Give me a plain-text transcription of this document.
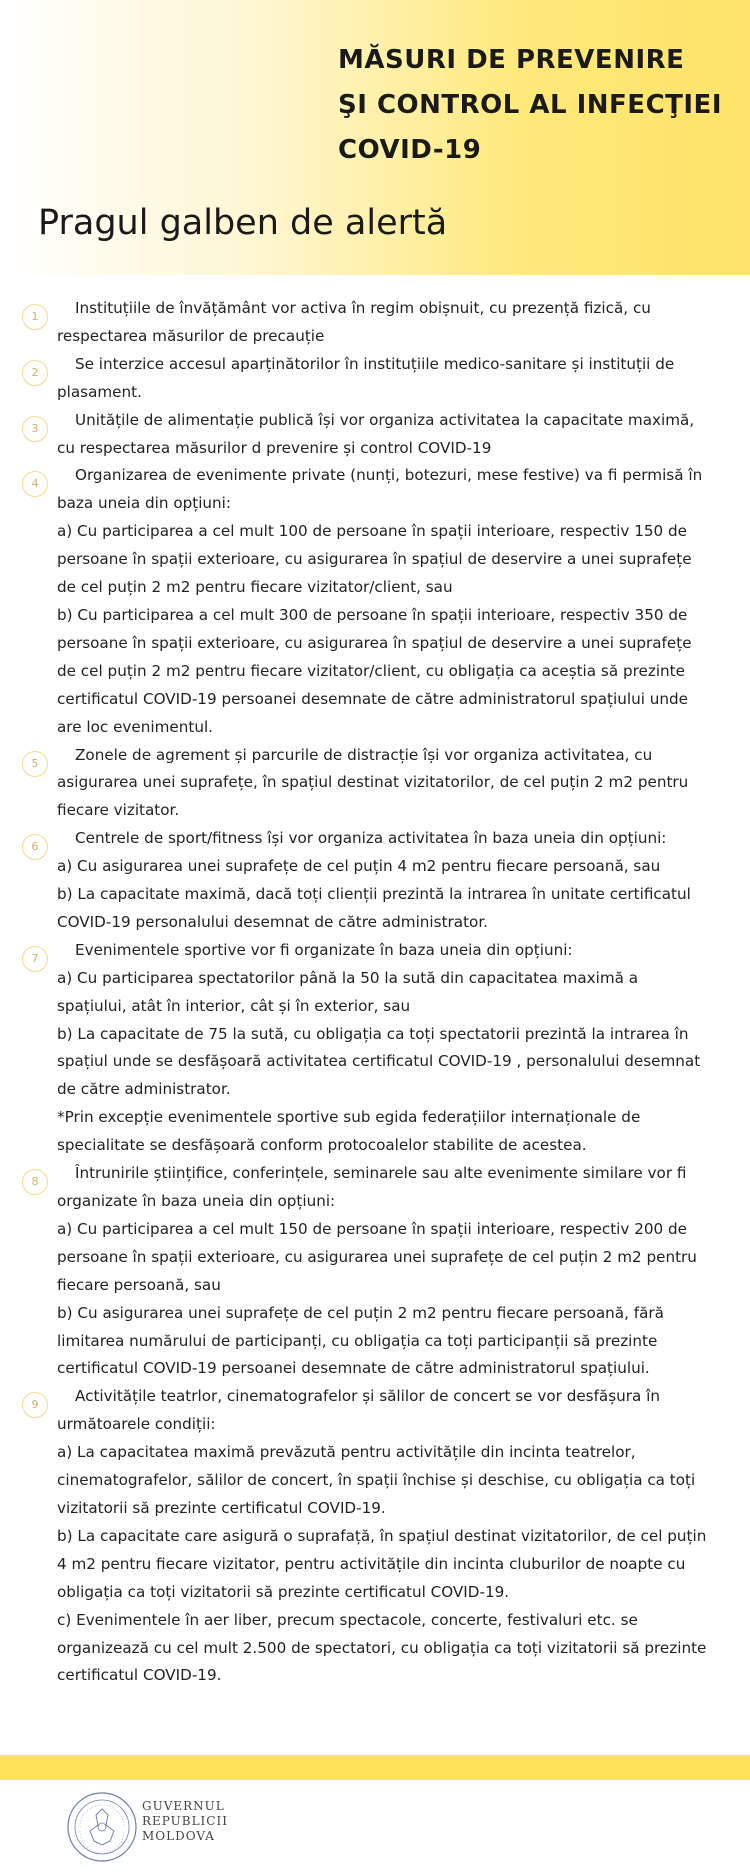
MĂSURI DE PREVENIRE
ŞI CONTROL AL INFECŢIEI
COVID-19
Pragul galben de alertă
1	Instituțiile de învățământ vor activa în regim obișnuit, cu prezență fizică, cu respectarea măsurilor de precauție
2	Se interzice accesul aparținătorilor în instituțiile medico-sanitare și instituții de plasament.
3	Unitățile de alimentație publică își vor organiza activitatea la capacitate maximă, cu respectarea măsurilor d prevenire și control COVID-19
4	Organizarea de evenimente private (nunți, botezuri, mese festive) va fi permisă în baza uneia din opțiuni:
a) Cu participarea a cel mult 100 de persoane în spații interioare, respectiv 150 de persoane în spații exterioare, cu asigurarea în spațiul de deservire a unei suprafețe de cel puțin 2 m2 pentru fiecare vizitator/client, sau
b) Cu participarea a cel mult 300 de persoane în spații interioare, respectiv 350 de persoane în spații exterioare, cu asigurarea în spațiul de deservire a unei suprafețe de cel puțin 2 m2 pentru fiecare vizitator/client, cu obligația ca aceștia să prezinte certificatul COVID-19 persoanei desemnate de către administratorul spațiului unde are loc evenimentul.
5	Zonele de agrement și parcurile de distracție își vor organiza activitatea, cu asigurarea unei suprafețe, în spațiul destinat vizitatorilor, de cel puțin 2 m2 pentru fiecare vizitator.
6	Centrele de sport/fitness își vor organiza activitatea în baza uneia din opțiuni:
a) Cu asigurarea unei suprafețe de cel puțin 4 m2 pentru fiecare persoană, sau
b) La capacitate maximă, dacă toți clienții prezintă la intrarea în unitate certificatul COVID-19 personalului desemnat de către administrator.
7	Evenimentele sportive vor fi organizate în baza uneia din opțiuni:
a) Cu participarea spectatorilor până la 50 la sută din capacitatea maximă a spațiului, atât în interior, cât și în exterior, sau
b) La capacitate de 75 la sută, cu obligația ca toți spectatorii prezintă la intrarea în spațiul unde se desfășoară activitatea certificatul COVID-19 , personalului desemnat de către administrator.
*Prin excepție evenimentele sportive sub egida federațiilor internaționale de specialitate se desfășoară conform protocoalelor stabilite de acestea.
8	Întrunirile științifice, conferințele, seminarele sau alte evenimente similare vor fi organizate în baza uneia din opțiuni:
a) Cu participarea a cel mult 150 de persoane în spații interioare, respectiv 200 de persoane în spații exterioare, cu asigurarea unei suprafețe de cel puțin 2 m2 pentru fiecare persoană, sau
b) Cu asigurarea unei suprafețe de cel puțin 2 m2 pentru fiecare persoană, fără limitarea numărului de participanți, cu obligația ca toți participanții să prezinte certificatul COVID-19 persoanei desemnate de către administratorul spațiului.
9	Activitățile teatrlor, cinematografelor și sălilor de concert se vor desfășura în următoarele condiții:
a) La capacitatea maximă prevăzută pentru activitățile din incinta teatrelor, cinematografelor, sălilor de concert, în spații închise și deschise, cu obligația ca toți vizitatorii să prezinte certificatul COVID-19.
b) La capacitate care asigură o suprafață, în spațiul destinat vizitatorilor, de cel puțin 4 m2 pentru fiecare vizitator, pentru activitățile din incinta cluburilor de noapte cu obligația ca toți vizitatorii să prezinte certificatul COVID-19.
c) Evenimentele în aer liber, precum spectacole, concerte, festivaluri etc. se organizează cu cel mult 2.500 de spectatori, cu obligația ca toți vizitatorii să prezinte certificatul COVID-19.
GUVERNUL
REPUBLICII
MOLDOVA
